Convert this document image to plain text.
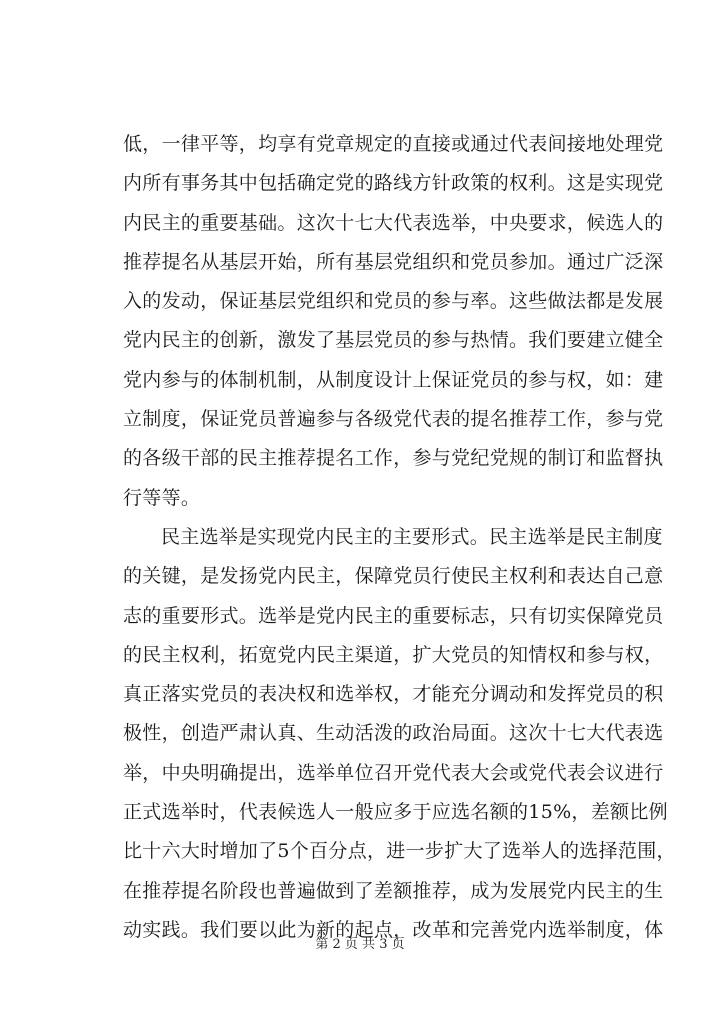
低，一律平等，均享有党章规定的直接或通过代表间接地处理党
内所有事务其中包括确定党的路线方针政策的权利。这是实现党
内民主的重要基础。这次十七大代表选举，中央要求，候选人的
推荐提名从基层开始，所有基层党组织和党员参加。通过广泛深
入的发动，保证基层党组织和党员的参与率。这些做法都是发展
党内民主的创新，激发了基层党员的参与热情。我们要建立健全
党内参与的体制机制，从制度设计上保证党员的参与权，如：建
立制度，保证党员普遍参与各级党代表的提名推荐工作，参与党
的各级干部的民主推荐提名工作，参与党纪党规的制订和监督执
行等等。
民主选举是实现党内民主的主要形式。民主选举是民主制度
的关键，是发扬党内民主，保障党员行使民主权利和表达自己意
志的重要形式。选举是党内民主的重要标志，只有切实保障党员
的民主权利，拓宽党内民主渠道，扩大党员的知情权和参与权，
真正落实党员的表决权和选举权，才能充分调动和发挥党员的积
极性，创造严肃认真、生动活泼的政治局面。这次十七大代表选
举，中央明确提出，选举单位召开党代表大会或党代表会议进行
正式选举时，代表候选人一般应多于应选名额的15%，差额比例
比十六大时增加了5个百分点，进一步扩大了选举人的选择范围，
在推荐提名阶段也普遍做到了差额推荐，成为发展党内民主的生
动实践。我们要以此为新的起点，改革和完善党内选举制度，体
第 2 页 共 3 页
